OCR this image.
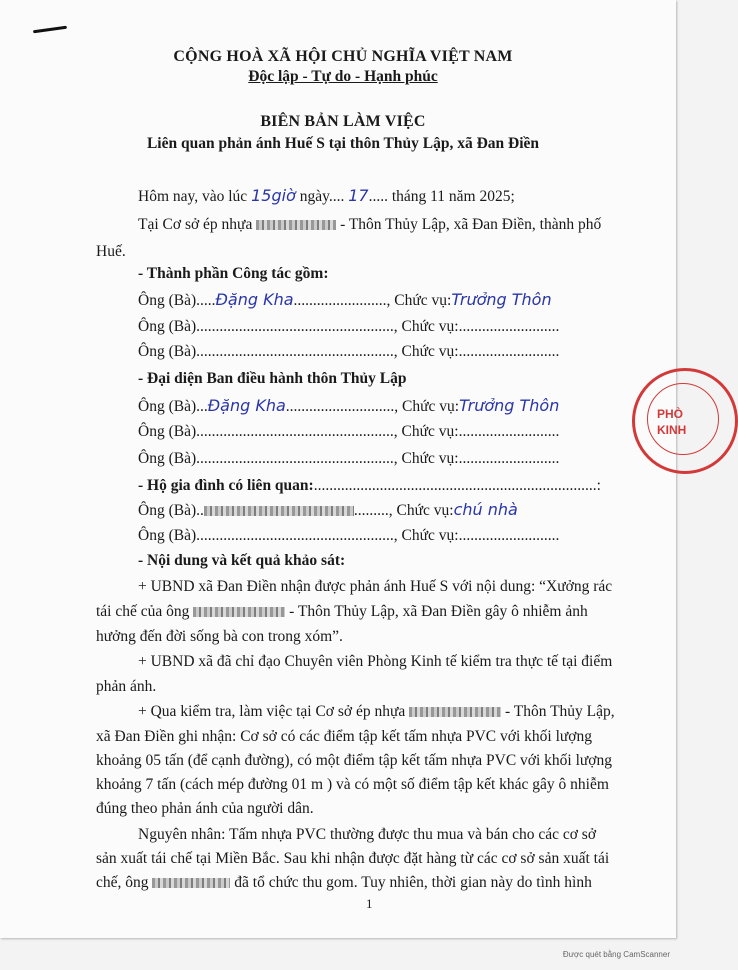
CỘNG HOÀ XÃ HỘI CHỦ NGHĨA VIỆT NAM
Độc lập - Tự do - Hạnh phúc
BIÊN BẢN LÀM VIỆC
Liên quan phản ánh Huế S tại thôn Thủy Lập, xã Đan Điền
Hôm nay, vào lúc 15giờ ngày.... 17..... tháng 11 năm 2025;
Tại Cơ sở ép nhựa	- Thôn Thủy Lập, xã Đan Điền, thành phố
Huế.
- Thành phần Công tác gồm:
Ông (Bà).....Đặng Kha........................, Chức vụ:Trưởng Thôn
Ông (Bà)..................................................., Chức vụ:..........................
Ông (Bà)..................................................., Chức vụ:..........................
- Đại diện Ban điều hành thôn Thủy Lập
Ông (Bà)...Đặng Kha............................, Chức vụ:Trưởng Thôn
Ông (Bà)..................................................., Chức vụ:..........................
Ông (Bà)..................................................., Chức vụ:..........................
- Hộ gia đình có liên quan:.........................................................................:
Ông (Bà)..	........., Chức vụ:chú nhà
Ông (Bà)..................................................., Chức vụ:..........................
- Nội dung và kết quả khảo sát:
+ UBND xã Đan Điền nhận được phản ánh Huế S với nội dung: “Xưởng rác
tái chế của ông	- Thôn Thủy Lập, xã Đan Điền gây ô nhiễm ảnh
hưởng đến đời sống bà con trong xóm”.
+ UBND xã đã chỉ đạo Chuyên viên Phòng Kinh tế kiểm tra thực tế tại điểm
phản ánh.
+ Qua kiểm tra, làm việc tại Cơ sở ép nhựa	- Thôn Thủy Lập,
xã Đan Điền ghi nhận: Cơ sở có các điểm tập kết tấm nhựa PVC với khối lượng
khoảng 05 tấn (để cạnh đường), có một điểm tập kết tấm nhựa PVC với khối lượng
khoảng 7 tấn (cách mép đường 01 m ) và có một số điểm tập kết khác gây ô nhiễm
đúng theo phản ánh của người dân.
Nguyên nhân: Tấm nhựa PVC thường được thu mua và bán cho các cơ sở
sản xuất tái chế tại Miền Bắc. Sau khi nhận được đặt hàng từ các cơ sở sản xuất tái
chế, ông	đã tổ chức thu gom. Tuy nhiên, thời gian này do tình hình
1
PHÒ
KINH
Được quét bằng CamScanner
